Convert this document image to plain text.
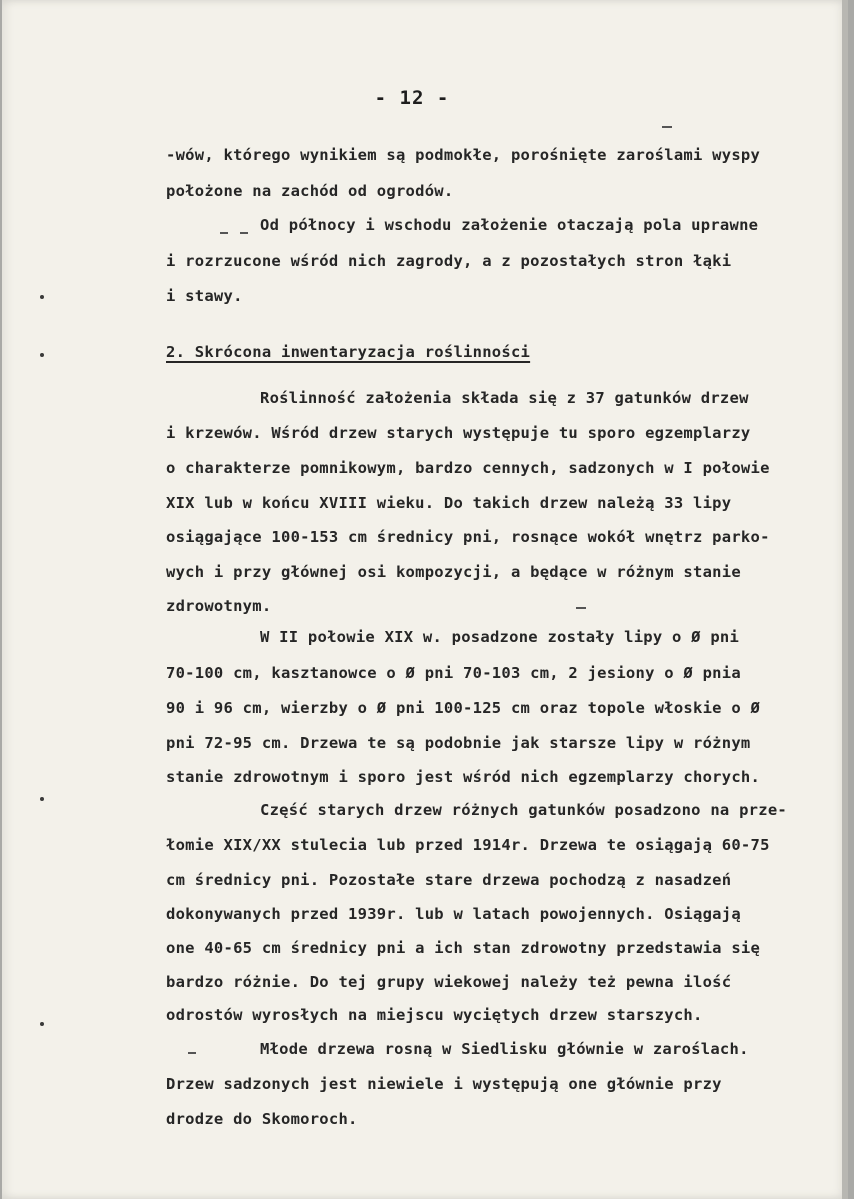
- 12 -
-wów, którego wynikiem są podmokłe, porośnięte zaroślami wyspy
położone na zachód od ogrodów.
Od północy i wschodu założenie otaczają pola uprawne
i rozrzucone wśród nich zagrody, a z pozostałych stron łąki
i stawy.
2. Skrócona inwentaryzacja roślinności
Roślinność założenia składa się z 37 gatunków drzew
i krzewów. Wśród drzew starych występuje tu sporo egzemplarzy
o charakterze pomnikowym, bardzo cennych, sadzonych w I połowie
XIX lub w końcu XVIII wieku. Do takich drzew należą 33 lipy
osiągające 100-153 cm średnicy pni, rosnące wokół wnętrz parko-
wych i przy głównej osi kompozycji, a będące w różnym stanie
zdrowotnym.
W II połowie XIX w. posadzone zostały lipy o Ø pni
70-100 cm, kasztanowce o Ø pni 70-103 cm, 2 jesiony o Ø pnia
90 i 96 cm, wierzby o Ø pni 100-125 cm oraz topole włoskie o Ø
pni 72-95 cm. Drzewa te są podobnie jak starsze lipy w różnym
stanie zdrowotnym i sporo jest wśród nich egzemplarzy chorych.
Część starych drzew różnych gatunków posadzono na prze-
łomie XIX/XX stulecia lub przed 1914r. Drzewa te osiągają 60-75
cm średnicy pni. Pozostałe stare drzewa pochodzą z nasadzeń
dokonywanych przed 1939r. lub w latach powojennych. Osiągają
one 40-65 cm średnicy pni a ich stan zdrowotny przedstawia się
bardzo różnie. Do tej grupy wiekowej należy też pewna ilość
odrostów wyrosłych na miejscu wyciętych drzew starszych.
Młode drzewa rosną w Siedlisku głównie w zaroślach.
Drzew sadzonych jest niewiele i występują one głównie przy
drodze do Skomoroch.
